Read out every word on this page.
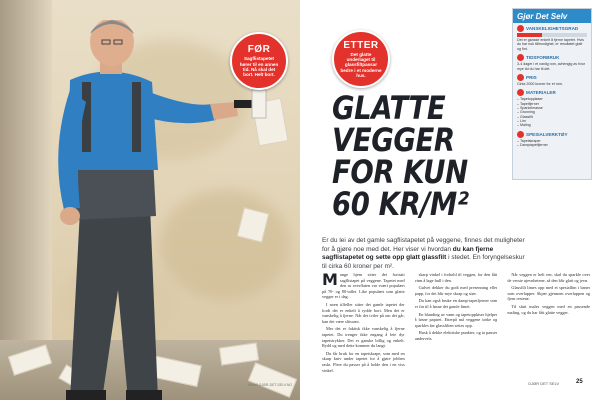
WWW.GJØR-DET-SELV.NO
FØR
Sagflistapetet hører til en annen tid. Nå skal det bort. Helt bort.
ETTER
Det glatte underlaget til glassfiltpassar bedre i et moderne hus.
GLATTE
VEGGER
FOR KUN
60 KR/M²
Er du lei av det gamle sagflistapetet på veggene, finnes det muligheter for å gjøre noe med det. Her viser vi hvordan du kan fjerne sagflistapetet og sette opp glatt glassfilt i stedet. En foryngelseskur til cirka 60 kroner per m².
M ange hjem sitter det fortsatt sagflistapet på veggene. Tapetet med den ru overflaten var svært populært på 70- og 80-tallet. Like populært som glatte vegger er i dag.

I noen tilfeller sitter det gamle tapetet der fordi det er enkelt å rydde bort. Men det er vanskelig å fjerne. Når det tviler på om det går, kan det være slitsomt.

Mer det er faktisk ikke vanskelig å fjerne tapetet. Du trenger ikke engang å leie dyr tapetstrykker. Det er ganske billig og enkelt. Rydd og med dette kommer du langt.

Du får bruk for en tapetskrape, som med en skarp kniv under tapetet for å gjøre jobben raskt. Flere du passer på å holde den i en viss vinkel.

skarp vinkel i forhold til veggen, for den fått vinn å lage hull i den.

Gulvet dekker du godt med presenning eller papp, for det blir mye skrap og støv.

Du kan også bruke en damp-tapetfjerner som er fin til å løsne det gamle limet.

En blanding av vann og tapetoppløser hjelper å løsne papiret. Etterpå må veggene tørke og sparkles før glassfilten settes opp.

Husk å dekke elektriske punkter, og ta pauser underveis.

Når veggen er helt ren, skal du sparkle over de verste ujevnhetene, så den blir glatt og jevn.

Glassfilt limes opp med et spesiallim i baner som overlapper. Skjær gjennom overlappen og fjern restene.

Til slutt males veggen med en passende maling, og du har fått glatte vegger.

GJØR DET SELV	25
Gjør Det Selv
VANSKELIGHETSGRAD
Det er ganske enkelt å fjerne tapetet. Hvis du har nok tålmodighet, er resultatet glatt og fint.
TIDSFORBRUK
3-4 dager i et vanlig rom, avhengig av hvor mye tid du har til det.
PRIS
Cirka 2000 kroner for et rom.
MATERIALER
– Tapetoppløser
– Tapetfjerner
– Sparkelmasse
– Grunning
– Glassfilt
– Lim
– Maling
SPESIALVERKTØY
– Tapetskraper
– Damptapetfjerner
